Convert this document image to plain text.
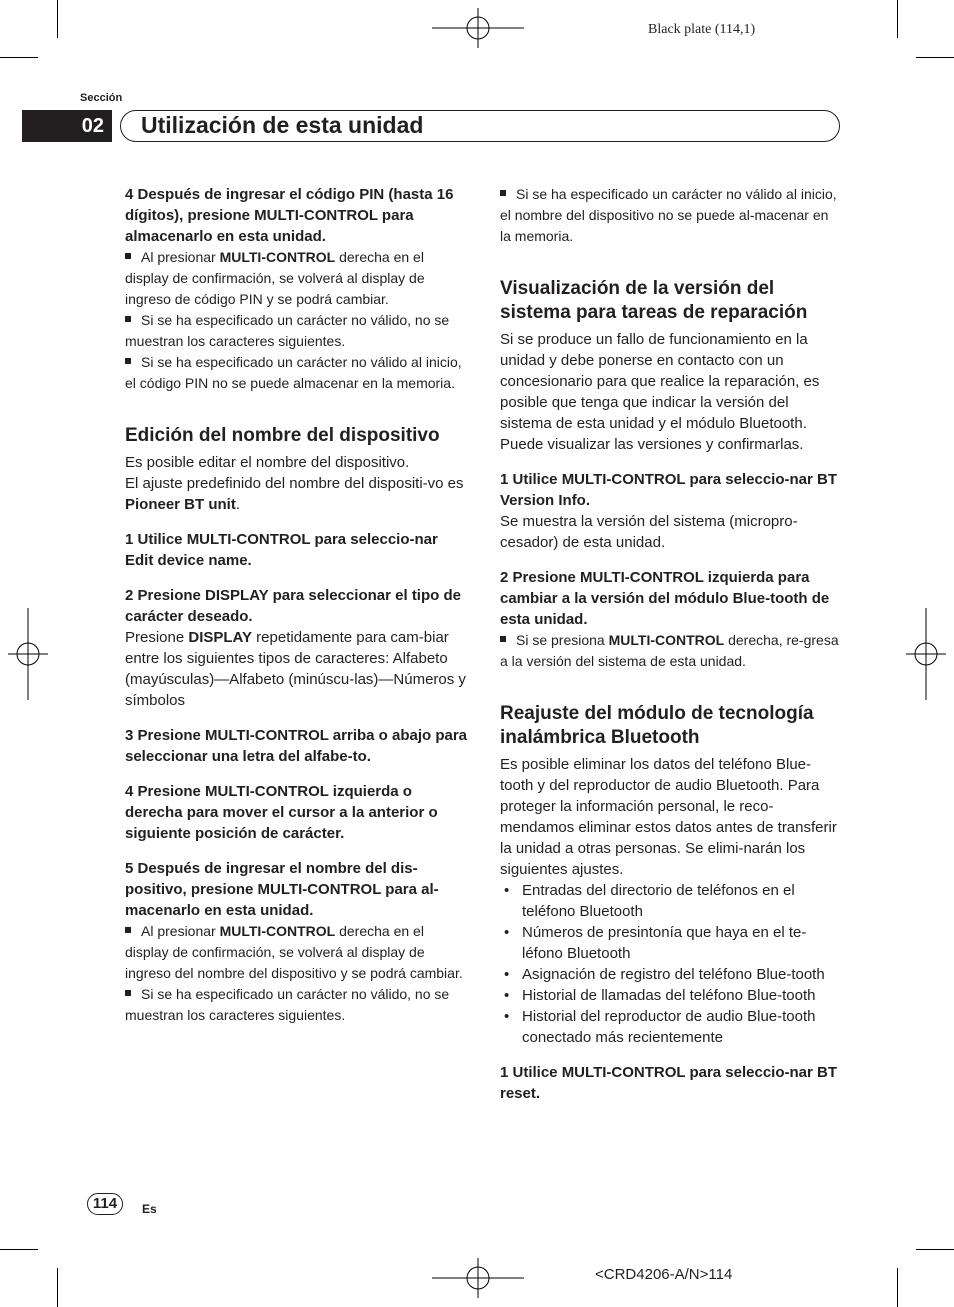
Black plate (114,1)
Sección
02	Utilización de esta unidad

4 Después de ingresar el código PIN (hasta 16 dígitos), presione MULTI-CONTROL para almacenarlo en esta unidad.

Al presionar MULTI-CONTROL derecha en el display de confirmación, se volverá al display de ingreso de código PIN y se podrá cambiar.

Si se ha especificado un carácter no válido, no se muestran los caracteres siguientes.

Si se ha especificado un carácter no válido al inicio, el código PIN no se puede almacenar en la memoria.

Edición del nombre del dispositivo

Es posible editar el nombre del dispositivo.

El ajuste predefinido del nombre del dispositi-vo es Pioneer BT unit.

1 Utilice MULTI-CONTROL para seleccio-nar Edit device name.

2 Presione DISPLAY para seleccionar el tipo de carácter deseado.

Presione DISPLAY repetidamente para cam-biar entre los siguientes tipos de caracteres: Alfabeto (mayúsculas)—Alfabeto (minúscu-las)—Números y símbolos

3 Presione MULTI-CONTROL arriba o abajo para seleccionar una letra del alfabe-to.

4 Presione MULTI-CONTROL izquierda o derecha para mover el cursor a la anterior o siguiente posición de carácter.

5 Después de ingresar el nombre del dis-positivo, presione MULTI-CONTROL para al-macenarlo en esta unidad.

Al presionar MULTI-CONTROL derecha en el display de confirmación, se volverá al display de ingreso del nombre del dispositivo y se podrá cambiar.

Si se ha especificado un carácter no válido, no se muestran los caracteres siguientes.

Si se ha especificado un carácter no válido al inicio, el nombre del dispositivo no se puede al-macenar en la memoria.

Visualización de la versión del sistema para tareas de reparación

Si se produce un fallo de funcionamiento en la unidad y debe ponerse en contacto con un concesionario para que realice la reparación, es posible que tenga que indicar la versión del sistema de esta unidad y el módulo Bluetooth. Puede visualizar las versiones y confirmarlas.

1 Utilice MULTI-CONTROL para seleccio-nar BT Version Info.

Se muestra la versión del sistema (micropro-cesador) de esta unidad.

2 Presione MULTI-CONTROL izquierda para cambiar a la versión del módulo Blue-tooth de esta unidad.

Si se presiona MULTI-CONTROL derecha, re-gresa a la versión del sistema de esta unidad.

Reajuste del módulo de tecnología inalámbrica Bluetooth

Es posible eliminar los datos del teléfono Blue-tooth y del reproductor de audio Bluetooth. Para proteger la información personal, le reco-mendamos eliminar estos datos antes de transferir la unidad a otras personas. Se elimi-narán los siguientes ajustes.

• Entradas del directorio de teléfonos en el teléfono Bluetooth
• Números de presintonía que haya en el te-léfono Bluetooth
• Asignación de registro del teléfono Blue-tooth
• Historial de llamadas del teléfono Blue-tooth
• Historial del reproductor de audio Blue-tooth conectado más recientemente

1 Utilice MULTI-CONTROL para seleccio-nar BT reset.

114	Es
<CRD4206-A/N>114
